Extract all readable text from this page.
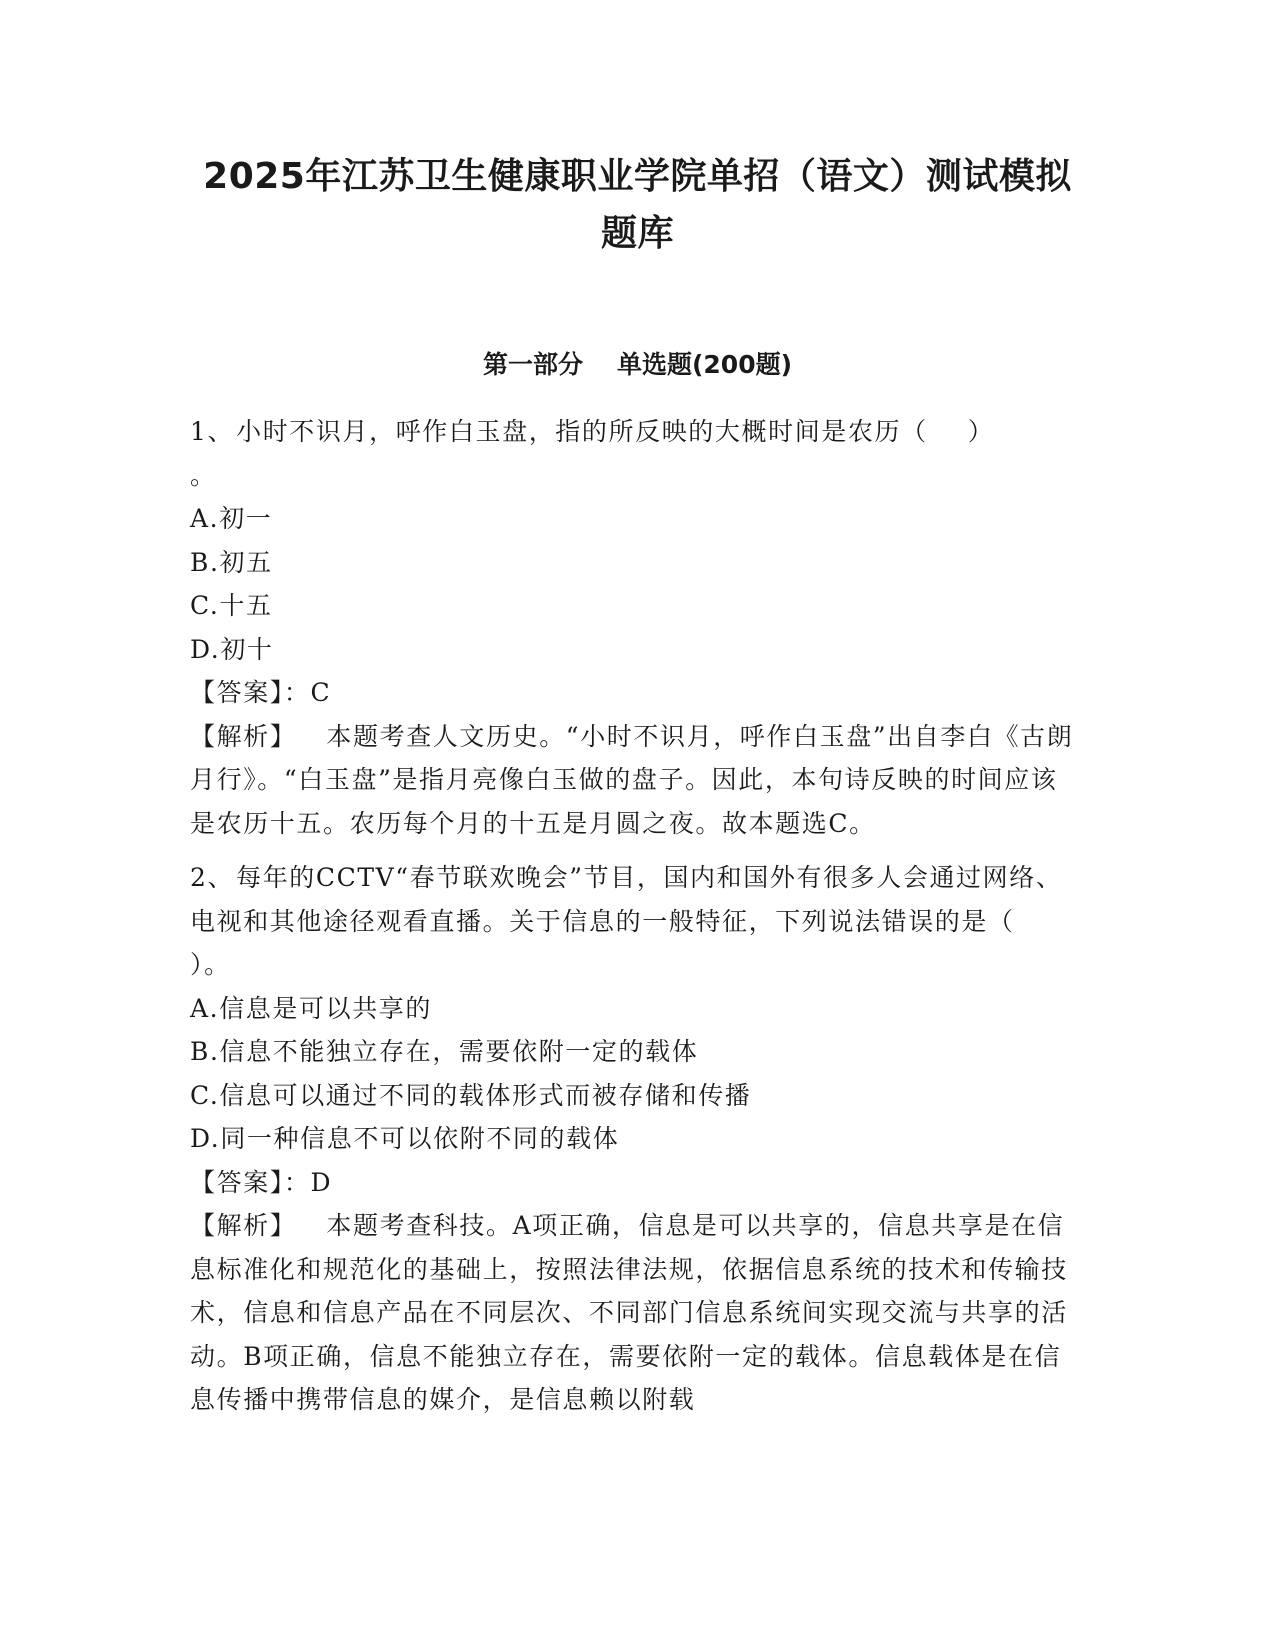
2025年江苏卫生健康职业学院单招（语文）测试模拟
题库
第一部分 单选题(200题)

1、小时不识月，呼作白玉盘，指的所反映的大概时间是农历（ ）
。

A.初一
B.初五
C.十五
D.初十

【答案】：C

【解析】 本题考查人文历史。“小时不识月，呼作白玉盘”出自李白《古朗月行》。“白玉盘”是指月亮像白玉做的盘子。因此，本句诗反映的时间应该是农历十五。农历每个月的十五是月圆之夜。故本题选C。

2、每年的CCTV“春节联欢晚会”节目，国内和国外有很多人会通过网络、电视和其他途径观看直播。关于信息的一般特征，下列说法错误的是（）。

A.信息是可以共享的
B.信息不能独立存在，需要依附一定的载体
C.信息可以通过不同的载体形式而被存储和传播
D.同一种信息不可以依附不同的载体

【答案】：D

【解析】 本题考查科技。A项正确，信息是可以共享的，信息共享是在信息标准化和规范化的基础上，按照法律法规，依据信息系统的技术和传输技术，信息和信息产品在不同层次、不同部门信息系统间实现交流与共享的活动。B项正确，信息不能独立存在，需要依附一定的载体。信息载体是在信息传播中携带信息的媒介，是信息赖以附载
